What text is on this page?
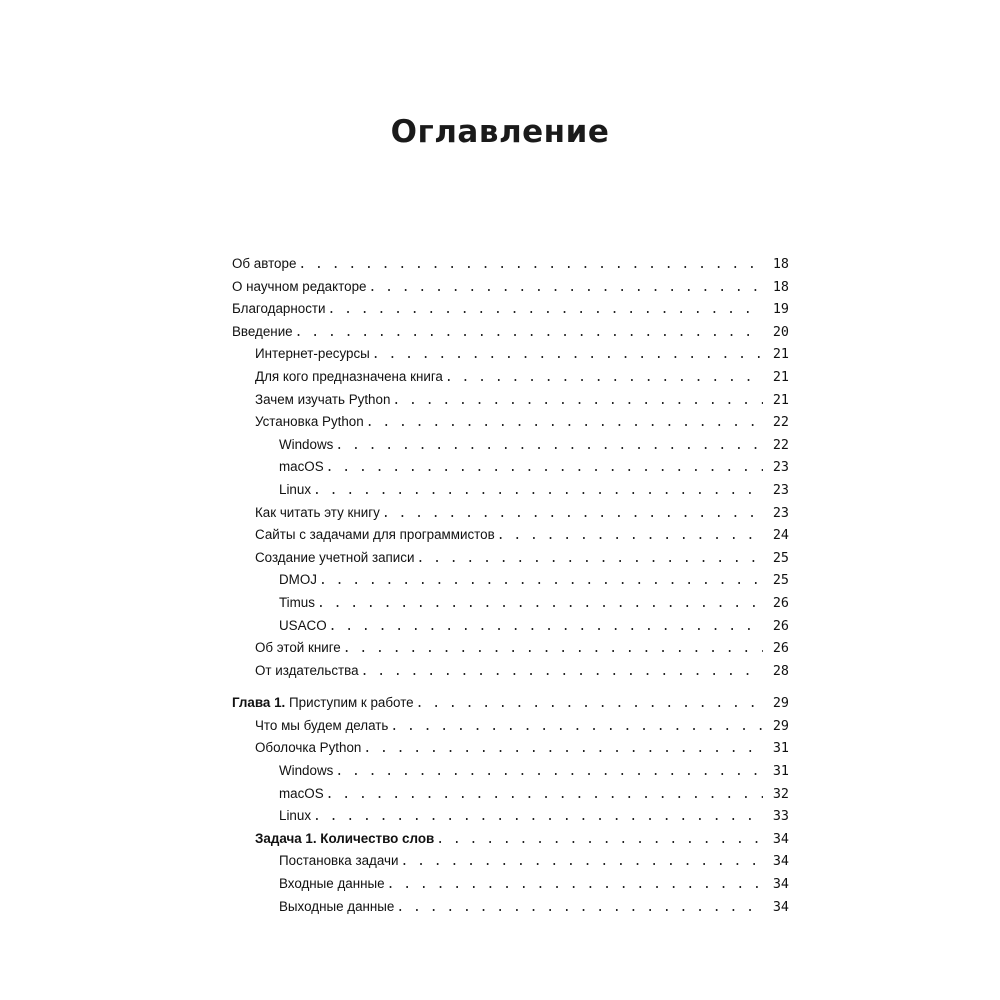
Оглавление
Об авторе . . .	18
О научном редакторе . . .	18
Благодарности . . .	19
Введение . . .	20
Интернет-ресурсы . . .	21
Для кого предназначена книга . . .	21
Зачем изучать Python . . .	21
Установка Python . . .	22
Windows . . .	22
macOS . . .	23
Linux . . .	23
Как читать эту книгу . . .	23
Сайты с задачами для программистов . . .	24
Создание учетной записи . . .	25
DMOJ . . .	25
Timus . . .	26
USACO . . .	26
Об этой книге . . .	26
От издательства . . .	28
Глава 1. Приступим к работе . . .	29
Что мы будем делать . . .	29
Оболочка Python . . .	31
Windows . . .	31
macOS . . .	32
Linux . . .	33
Задача 1. Количество слов . . .	34
Постановка задачи . . .	34
Входные данные . . .	34
Выходные данные . . .	34
